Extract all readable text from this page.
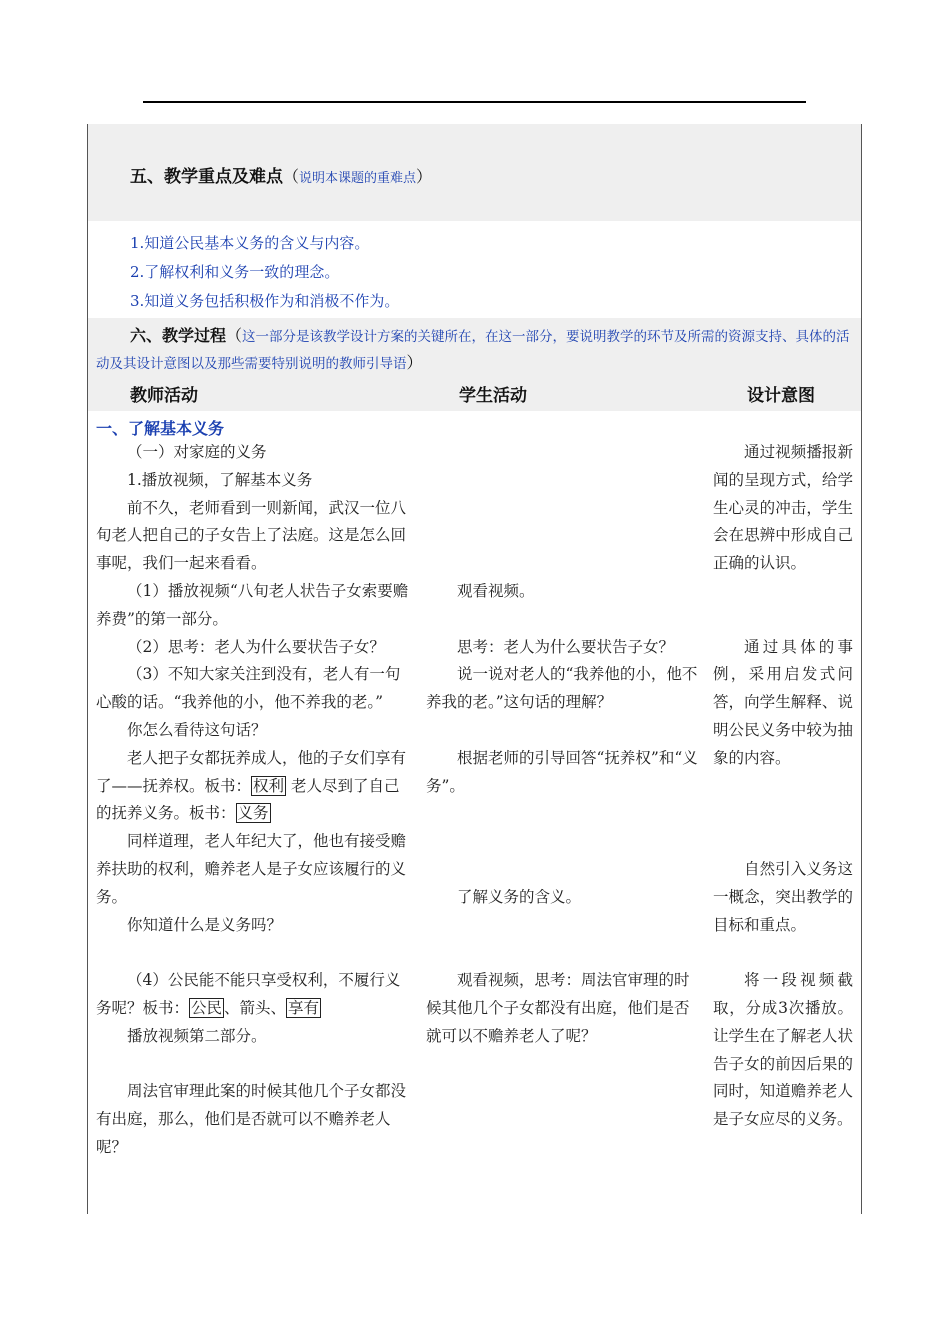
五、教学重点及难点（说明本课题的重难点）
1.知道公民基本义务的含义与内容。
2.了解权利和义务一致的理念。
3.知道义务包括积极作为和消极不作为。

六、教学过程（这一部分是该教学设计方案的关键所在，在这一部分，要说明教学的环节及所需的资源支持、具体的活动及其设计意图以及那些需要特别说明的教师引导语）

教师活动	学生活动	设计意图
一、了解基本义务

（一）对家庭的义务

1.播放视频，了解基本义务

前不久，老师看到一则新闻，武汉一位八旬老人把自己的子女告上了法庭。这是怎么回事呢，我们一起来看看。

（1）播放视频“八旬老人状告子女索要赡养费”的第一部分。

（2）思考：老人为什么要状告子女？

（3）不知大家关注到没有，老人有一句心酸的话。“我养他的小，他不养我的老。”

你怎么看待这句话？

老人把子女都抚养成人，他的子女们享有了——抚养权。板书： 权利 老人尽到了自己的抚养义务。板书： 义务

同样道理，老人年纪大了，他也有接受赡养扶助的权利，赡养老人是子女应该履行的义务。

你知道什么是义务吗？

（4）公民能不能只享受权利，不履行义务呢？板书： 公民 、箭头、 享有

播放视频第二部分。

周法官审理此案的时候其他几个子女都没有出庭，那么，他们是否就可以不赡养老人呢？

观看视频。

思考：老人为什么要状告子女？

说一说对老人的“我养他的小，他不养我的老。”这句话的理解？

根据老师的引导回答“抚养权”和“义务”。

了解义务的含义。

观看视频，思考：周法官审理的时候其他几个子女都没有出庭，他们是否就可以不赡养老人了呢？

通过视频播报新闻的呈现方式，给学生心灵的冲击，学生会在思辨中形成自己正确的认识。

通过具体的事例，采用启发式问答，向学生解释、说明公民义务中较为抽象的内容。

自然引入义务这一概念，突出教学的目标和重点。

将一段视频截取，分成3次播放。让学生在了解老人状告子女的前因后果的同时，知道赡养老人是子女应尽的义务。
